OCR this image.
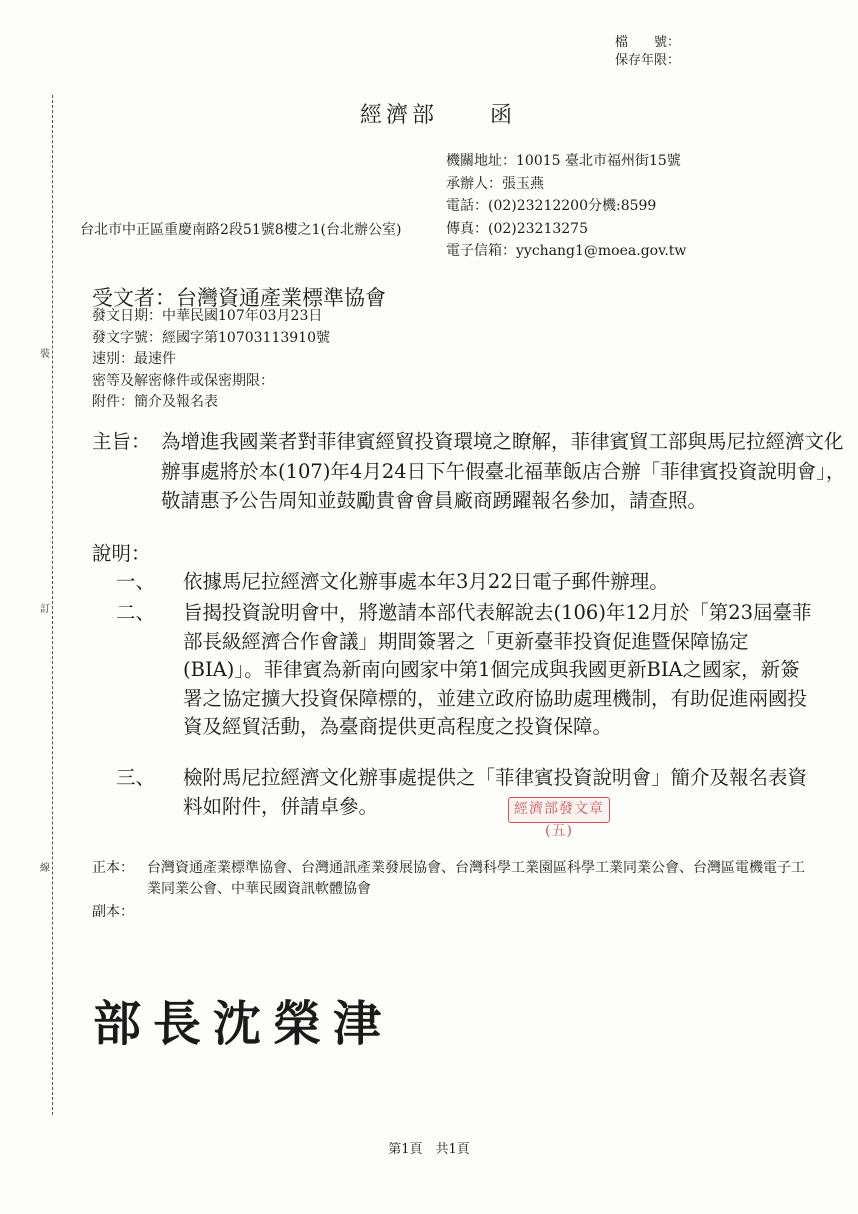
裝
訂
線
檔　　號：
保存年限：
經濟部　　函
機關地址：10015 臺北市福州街15號
承辦人：張玉燕
電話：(02)23212200分機:8599
傳真：(02)23213275
電子信箱：yychang1@moea.gov.tw
台北市中正區重慶南路2段51號8樓之1(台北辦公室)
受文者：台灣資通產業標準協會
發文日期：中華民國107年03月23日
發文字號：經國字第10703113910號
速別：最速件
密等及解密條件或保密期限：
附件：簡介及報名表
主旨： 為增進我國業者對菲律賓經貿投資環境之瞭解，菲律賓貿工部與馬尼拉經濟文化辦事處將於本(107)年4月24日下午假臺北福華飯店合辦「菲律賓投資說明會」，敬請惠予公告周知並鼓勵貴會會員廠商踴躍報名參加，請查照。
說明：
一、 依據馬尼拉經濟文化辦事處本年3月22日電子郵件辦理。
二、 旨揭投資說明會中，將邀請本部代表解說去(106)年12月於「第23屆臺菲部長級經濟合作會議」期間簽署之「更新臺菲投資促進暨保障協定(BIA)」。菲律賓為新南向國家中第1個完成與我國更新BIA之國家，新簽署之協定擴大投資保障標的，並建立政府協助處理機制，有助促進兩國投資及經貿活動，為臺商提供更高程度之投資保障。
三、 檢附馬尼拉經濟文化辦事處提供之「菲律賓投資說明會」簡介及報名表資料如附件，併請卓參。	經濟部發文章(五)
正本： 台灣資通產業標準協會、台灣通訊產業發展協會、台灣科學工業園區科學工業同業公會、台灣區電機電子工業同業公會、中華民國資訊軟體協會
副本：
部長沈榮津
第1頁　共1頁
